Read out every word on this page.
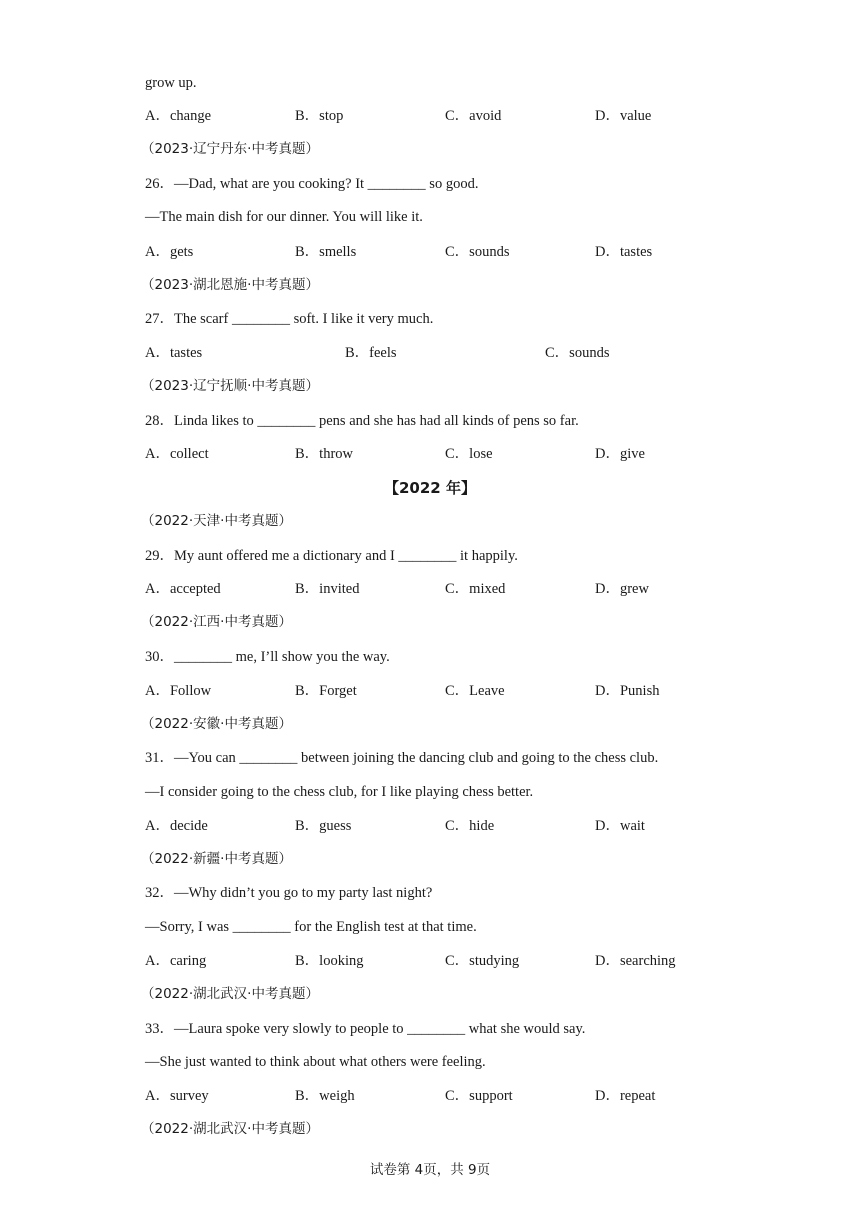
grow up.
A．change	B．stop	C．avoid	D．value
（2023·辽宁丹东·中考真题）
26．—Dad, what are you cooking? It ________ so good.
—The main dish for our dinner. You will like it.
A．gets	B．smells	C．sounds	D．tastes
（2023·湖北恩施·中考真题）
27．The scarf ________ soft. I like it very much.
A．tastes	B．feels	C．sounds
（2023·辽宁抚顺·中考真题）
28．Linda likes to ________ pens and she has had all kinds of pens so far.
A．collect	B．throw	C．lose	D．give
【2022 年】
（2022·天津·中考真题）
29．My aunt offered me a dictionary and I ________ it happily.
A．accepted	B．invited	C．mixed	D．grew
（2022·江西·中考真题）
30．________ me, I’ll show you the way.
A．Follow	B．Forget	C．Leave	D．Punish
（2022·安徽·中考真题）
31．—You can ________ between joining the dancing club and going to the chess club.
—I consider going to the chess club, for I like playing chess better.
A．decide	B．guess	C．hide	D．wait
（2022·新疆·中考真题）
32．—Why didn’t you go to my party last night?
—Sorry, I was ________ for the English test at that time.
A．caring	B．looking	C．studying	D．searching
（2022·湖北武汉·中考真题）
33．—Laura spoke very slowly to people to ________ what she would say.
—She just wanted to think about what others were feeling.
A．survey	B．weigh	C．support	D．repeat
（2022·湖北武汉·中考真题）
试卷第 4页，共 9页
